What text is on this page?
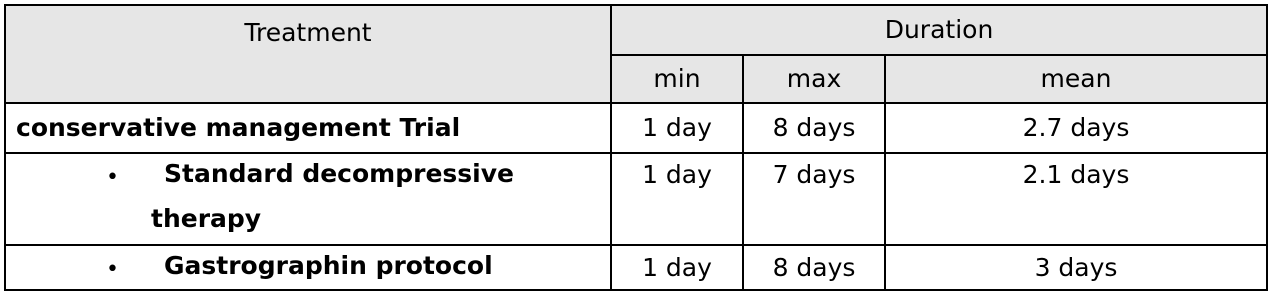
Treatment	Duration		
	min	max	mean
conservative management Trial	1 day	8 days	2.7 days

• Standard decompressive
therapy	1 day	7 days	2.1 days

• Gastrographin protocol	1 day	8 days	3 days
